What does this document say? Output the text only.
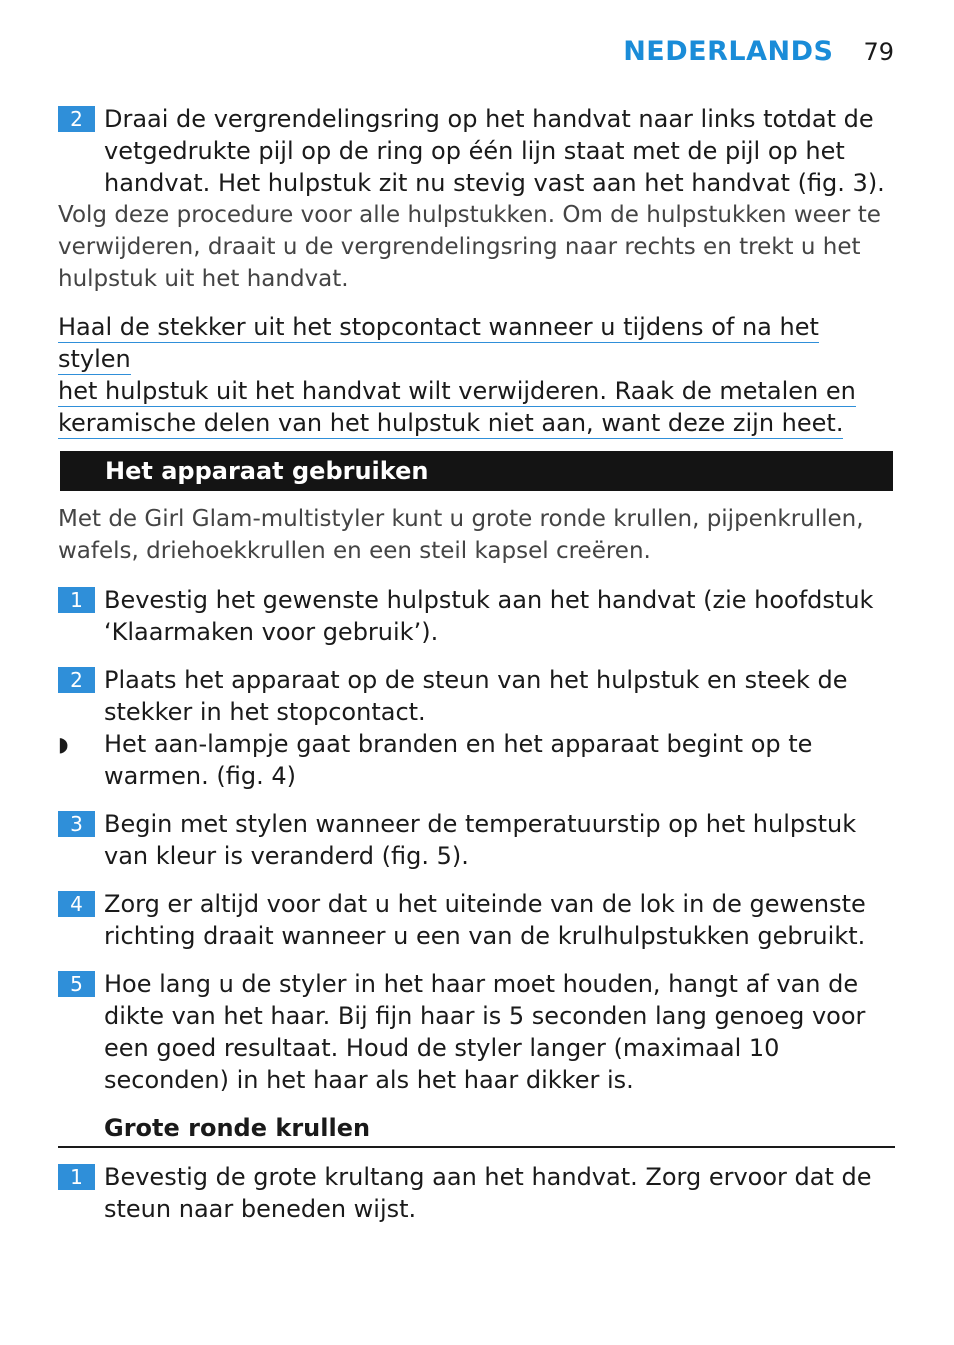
NEDERLANDS 79
2 Draai de vergrendelingsring op het handvat naar links totdat de vetgedrukte pijl op de ring op één lijn staat met de pijl op het handvat. Het hulpstuk zit nu stevig vast aan het handvat (fig. 3).
Volg deze procedure voor alle hulpstukken. Om de hulpstukken weer te verwijderen, draait u de vergrendelingsring naar rechts en trekt u het hulpstuk uit het handvat.
Haal de stekker uit het stopcontact wanneer u tijdens of na het stylen
het hulpstuk uit het handvat wilt verwijderen. Raak de metalen en
keramische delen van het hulpstuk niet aan, want deze zijn heet.
Het apparaat gebruiken
Met de Girl Glam-multistyler kunt u grote ronde krullen, pijpenkrullen, wafels, driehoekkrullen en een steil kapsel creëren.
1 Bevestig het gewenste hulpstuk aan het handvat (zie hoofdstuk ‘Klaarmaken voor gebruik’).
2 Plaats het apparaat op de steun van het hulpstuk en steek de stekker in het stopcontact.
◗ Het aan-lampje gaat branden en het apparaat begint op te warmen. (fig. 4)
3 Begin met stylen wanneer de temperatuurstip op het hulpstuk van kleur is veranderd (fig. 5).
4 Zorg er altijd voor dat u het uiteinde van de lok in de gewenste richting draait wanneer u een van de krulhulpstukken gebruikt.
5 Hoe lang u de styler in het haar moet houden, hangt af van de dikte van het haar. Bij fijn haar is 5 seconden lang genoeg voor een goed resultaat. Houd de styler langer (maximaal 10 seconden) in het haar als het haar dikker is.
Grote ronde krullen
1 Bevestig de grote krultang aan het handvat. Zorg ervoor dat de steun naar beneden wijst.
